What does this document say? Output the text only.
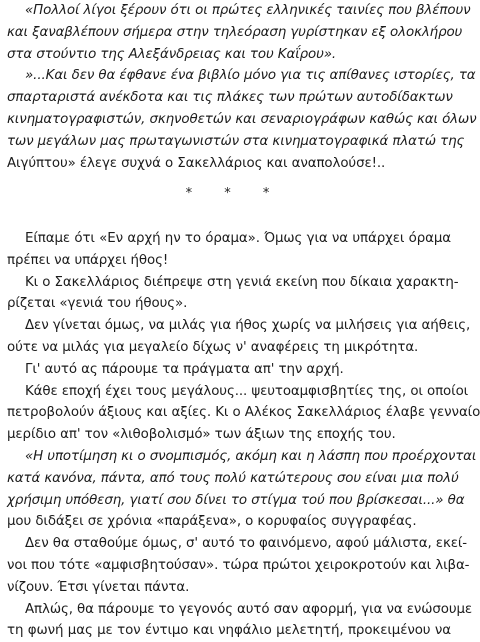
«Πολλοί λίγοι ξέρουν ότι οι πρώτες ελληνικές ταινίες που βλέπουν
και ξαναβλέπουν σήμερα στην τηλεόραση γυρίστηκαν εξ ολοκλήρου
στα στούντιο της Αλεξάνδρειας και του Καΐρου».
»...Και δεν θα έφθανε ένα βιβλίο μόνο για τις απίθανες ιστορίες, τα
σπαρταριστά ανέκδοτα και τις πλάκες των πρώτων αυτοδίδακτων
κινηματογραφιστών, σκηνοθετών και σεναριογράφων καθώς και όλων
των μεγάλων μας πρωταγωνιστών στα κινηματογραφικά πλατώ της
Αιγύπτου» έλεγε συχνά ο Σακελλάριος και αναπολούσε!..
* * *
Είπαμε ότι «Εν αρχή ην το όραμα». Όμως για να υπάρχει όραμα
πρέπει να υπάρχει ήθος!
Κι ο Σακελλάριος διέπρεψε στη γενιά εκείνη που δίκαια χαρακτη-
ρίζεται «γενιά του ήθους».
Δεν γίνεται όμως, να μιλάς για ήθος χωρίς να μιλήσεις για αήθεις,
ούτε να μιλάς για μεγαλείο δίχως ν' αναφέρεις τη μικρότητα.
Γι' αυτό ας πάρουμε τα πράγματα απ' την αρχή.
Κάθε εποχή έχει τους μεγάλους... ψευτοαμφισβητίες της, οι οποίοι
πετροβολούν άξιους και αξίες. Κι ο Αλέκος Σακελλάριος έλαβε γενναίο
μερίδιο απ' τον «λιθοβολισμό» των άξιων της εποχής του.
«Η υποτίμηση κι ο σνομπισμός, ακόμη και η λάσπη που προέρχονται
κατά κανόνα, πάντα, από τους πολύ κατώτερους σου είναι μια πολύ
χρήσιμη υπόθεση, γιατί σου δίνει το στίγμα τού που βρίσκεσαι...» θα
μου διδάξει σε χρόνια «παράξενα», ο κορυφαίος συγγραφέας.
Δεν θα σταθούμε όμως, σ' αυτό το φαινόμενο, αφού μάλιστα, εκεί-
νοι που τότε «αμφισβητούσαν». τώρα πρώτοι χειροκροτούν και λιβα-
νίζουν. Έτσι γίνεται πάντα.
Απλώς, θα πάρουμε το γεγονός αυτό σαν αφορμή, για να ενώσουμε
τη φωνή μας με τον έντιμο και νηφάλιο μελετητή, προκειμένου να
